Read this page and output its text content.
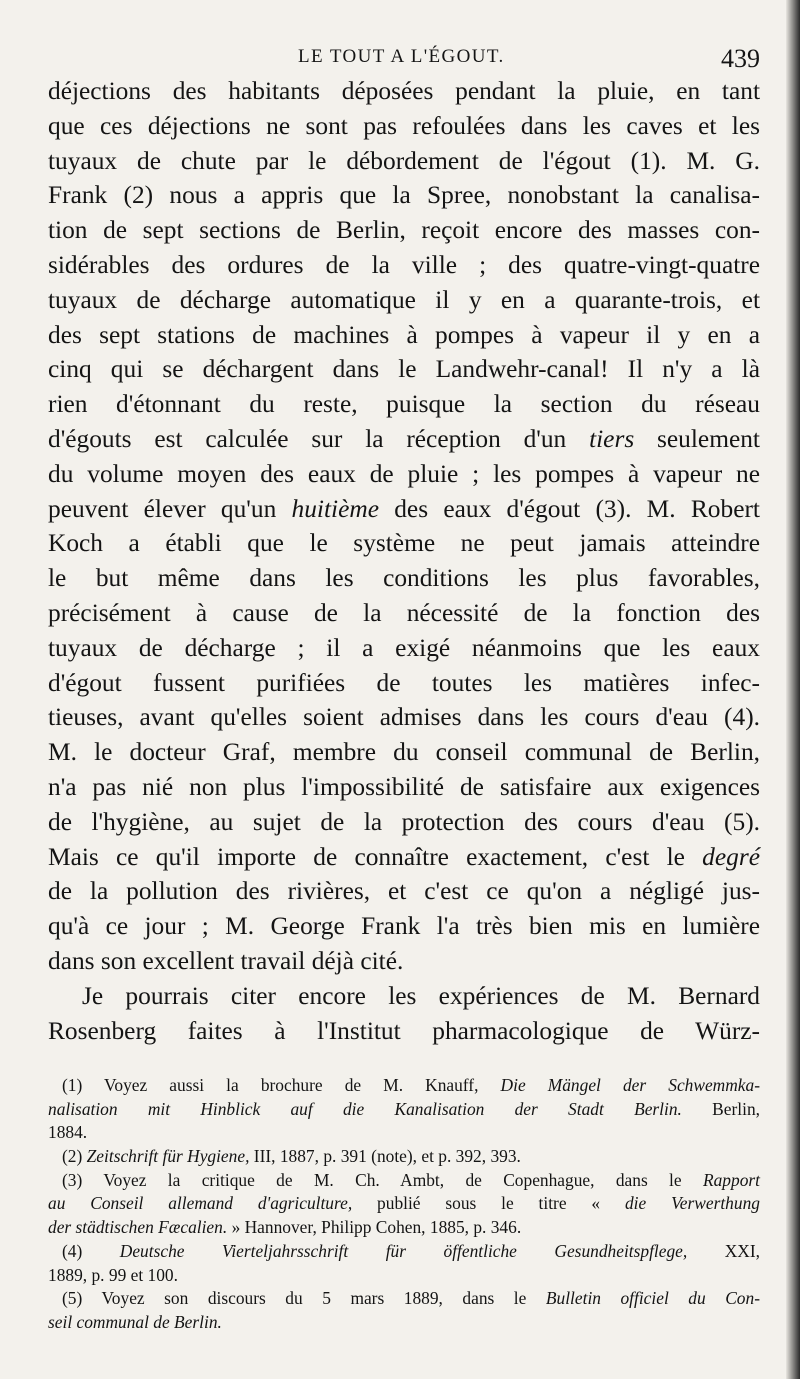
LE TOUT A L'ÉGOUT.	439
déjections des habitants déposées pendant la pluie, en tant
que ces déjections ne sont pas refoulées dans les caves et les
tuyaux de chute par le débordement de l'égout (1). M. G.
Frank (2) nous a appris que la Spree, nonobstant la canalisa-
tion de sept sections de Berlin, reçoit encore des masses con-
sidérables des ordures de la ville ; des quatre-vingt-quatre
tuyaux de décharge automatique il y en a quarante-trois, et
des sept stations de machines à pompes à vapeur il y en a
cinq qui se déchargent dans le Landwehr-canal! Il n'y a là
rien d'étonnant du reste, puisque la section du réseau
d'égouts est calculée sur la réception d'un tiers seulement
du volume moyen des eaux de pluie ; les pompes à vapeur ne
peuvent élever qu'un huitième des eaux d'égout (3). M. Robert
Koch a établi que le système ne peut jamais atteindre
le but même dans les conditions les plus favorables,
précisément à cause de la nécessité de la fonction des
tuyaux de décharge ; il a exigé néanmoins que les eaux
d'égout fussent purifiées de toutes les matières infec-
tieuses, avant qu'elles soient admises dans les cours d'eau (4).
M. le docteur Graf, membre du conseil communal de Berlin,
n'a pas nié non plus l'impossibilité de satisfaire aux exigences
de l'hygiène, au sujet de la protection des cours d'eau (5).
Mais ce qu'il importe de connaître exactement, c'est le degré
de la pollution des rivières, et c'est ce qu'on a négligé jus-
qu'à ce jour ; M. George Frank l'a très bien mis en lumière
dans son excellent travail déjà cité.
Je pourrais citer encore les expériences de M. Bernard
Rosenberg faites à l'Institut pharmacologique de Würz-
(1) Voyez aussi la brochure de M. Knauff, Die Mängel der Schwemmka-
nalisation mit Hinblick auf die Kanalisation der Stadt Berlin. Berlin,
1884.
(2) Zeitschrift für Hygiene, III, 1887, p. 391 (note), et p. 392, 393.
(3) Voyez la critique de M. Ch. Ambt, de Copenhague, dans le Rapport
au Conseil allemand d'agriculture, publié sous le titre « die Verwerthung
der städtischen Fæcalien. » Hannover, Philipp Cohen, 1885, p. 346.
(4) Deutsche Vierteljahrsschrift für öffentliche Gesundheitspflege, XXI,
1889, p. 99 et 100.
(5) Voyez son discours du 5 mars 1889, dans le Bulletin officiel du Con-
seil communal de Berlin.
